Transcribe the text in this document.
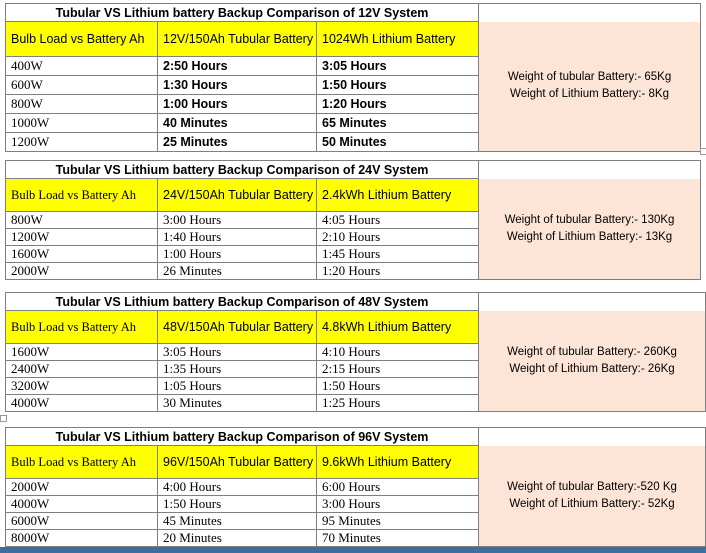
Tubular VS Lithium battery Backup Comparison of 12V System			
Bulb Load vs Battery Ah	12V/150Ah Tubular Battery	1024Wh Lithium Battery	Weight of tubular Battery:- 65Kg
Weight of Lithium Battery:- 8Kg

400W	2:50 Hours	3:05 Hours	
600W	1:30 Hours	1:50 Hours	
800W	1:00 Hours	1:20 Hours	
1000W	40 Minutes	65 Minutes	
1200W	25 Minutes	50 Minutes	
Tubular VS Lithium battery Backup Comparison of 24V System			
Bulb Load vs Battery Ah	24V/150Ah Tubular Battery	2.4kWh Lithium Battery	Weight of tubular Battery:- 130Kg
Weight of Lithium Battery:- 13Kg

800W	3:00 Hours	4:05 Hours	
1200W	1:40 Hours	2:10 Hours	
1600W	1:00 Hours	1:45 Hours	
2000W	26 Minutes	1:20 Hours	
Tubular VS Lithium battery Backup Comparison of 48V System			
Bulb Load vs Battery Ah	48V/150Ah Tubular Battery	4.8kWh Lithium Battery	Weight of tubular Battery:- 260Kg
Weight of Lithium Battery:- 26Kg

1600W	3:05 Hours	4:10 Hours	
2400W	1:35 Hours	2:15 Hours	
3200W	1:05 Hours	1:50 Hours	
4000W	30 Minutes	1:25 Hours	
Tubular VS Lithium battery Backup Comparison of 96V System			
Bulb Load vs Battery Ah	96V/150Ah Tubular Battery	9.6kWh Lithium Battery	Weight of tubular Battery:-520 Kg
Weight of Lithium Battery:- 52Kg

2000W	4:00 Hours	6:00 Hours	
4000W	1:50 Hours	3:00 Hours	
6000W	45 Minutes	95 Minutes	
8000W	20 Minutes	70 Minutes	
